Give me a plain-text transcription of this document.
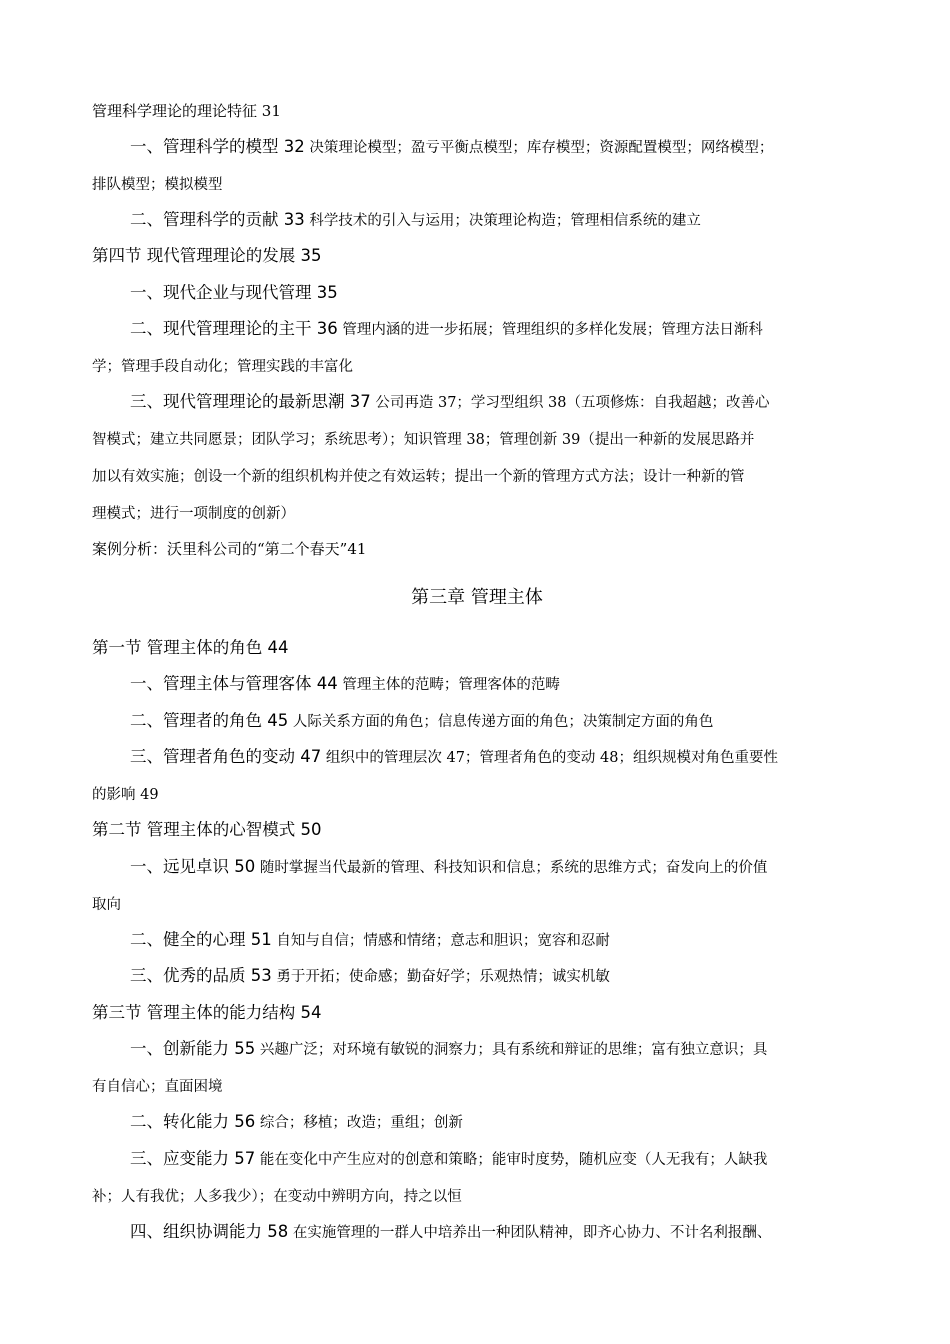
管理科学理论的理论特征 31
一、管理科学的模型 32 决策理论模型；盈亏平衡点模型；库存模型；资源配置模型；网络模型；
排队模型；模拟模型
二、管理科学的贡献 33 科学技术的引入与运用；决策理论构造；管理相信系统的建立
第四节 现代管理理论的发展 35
一、现代企业与现代管理 35
二、现代管理理论的主干 36 管理内涵的进一步拓展；管理组织的多样化发展；管理方法日渐科
学；管理手段自动化；管理实践的丰富化
三、现代管理理论的最新思潮 37 公司再造 37；学习型组织 38（五项修炼：自我超越；改善心
智模式；建立共同愿景；团队学习；系统思考）；知识管理 38；管理创新 39（提出一种新的发展思路并
加以有效实施；创设一个新的组织机构并使之有效运转；提出一个新的管理方式方法；设计一种新的管
理模式；进行一项制度的创新）
案例分析：沃里科公司的“第二个春天”41
第三章 管理主体
第一节 管理主体的角色 44
一、管理主体与管理客体 44 管理主体的范畴；管理客体的范畴
二、管理者的角色 45 人际关系方面的角色；信息传递方面的角色；决策制定方面的角色
三、管理者角色的变动 47 组织中的管理层次 47；管理者角色的变动 48；组织规模对角色重要性
的影响 49
第二节 管理主体的心智模式 50
一、远见卓识 50 随时掌握当代最新的管理、科技知识和信息；系统的思维方式；奋发向上的价值
取向
二、健全的心理 51 自知与自信；情感和情绪；意志和胆识；宽容和忍耐
三、优秀的品质 53 勇于开拓；使命感；勤奋好学；乐观热情；诚实机敏
第三节 管理主体的能力结构 54
一、创新能力 55 兴趣广泛；对环境有敏锐的洞察力；具有系统和辩证的思维；富有独立意识；具
有自信心；直面困境
二、转化能力 56 综合；移植；改造；重组；创新
三、应变能力 57 能在变化中产生应对的创意和策略；能审时度势，随机应变（人无我有；人缺我
补；人有我优；人多我少）；在变动中辨明方向，持之以恒
四、组织协调能力 58 在实施管理的一群人中培养出一种团队精神，即齐心协力、不计名利报酬、
